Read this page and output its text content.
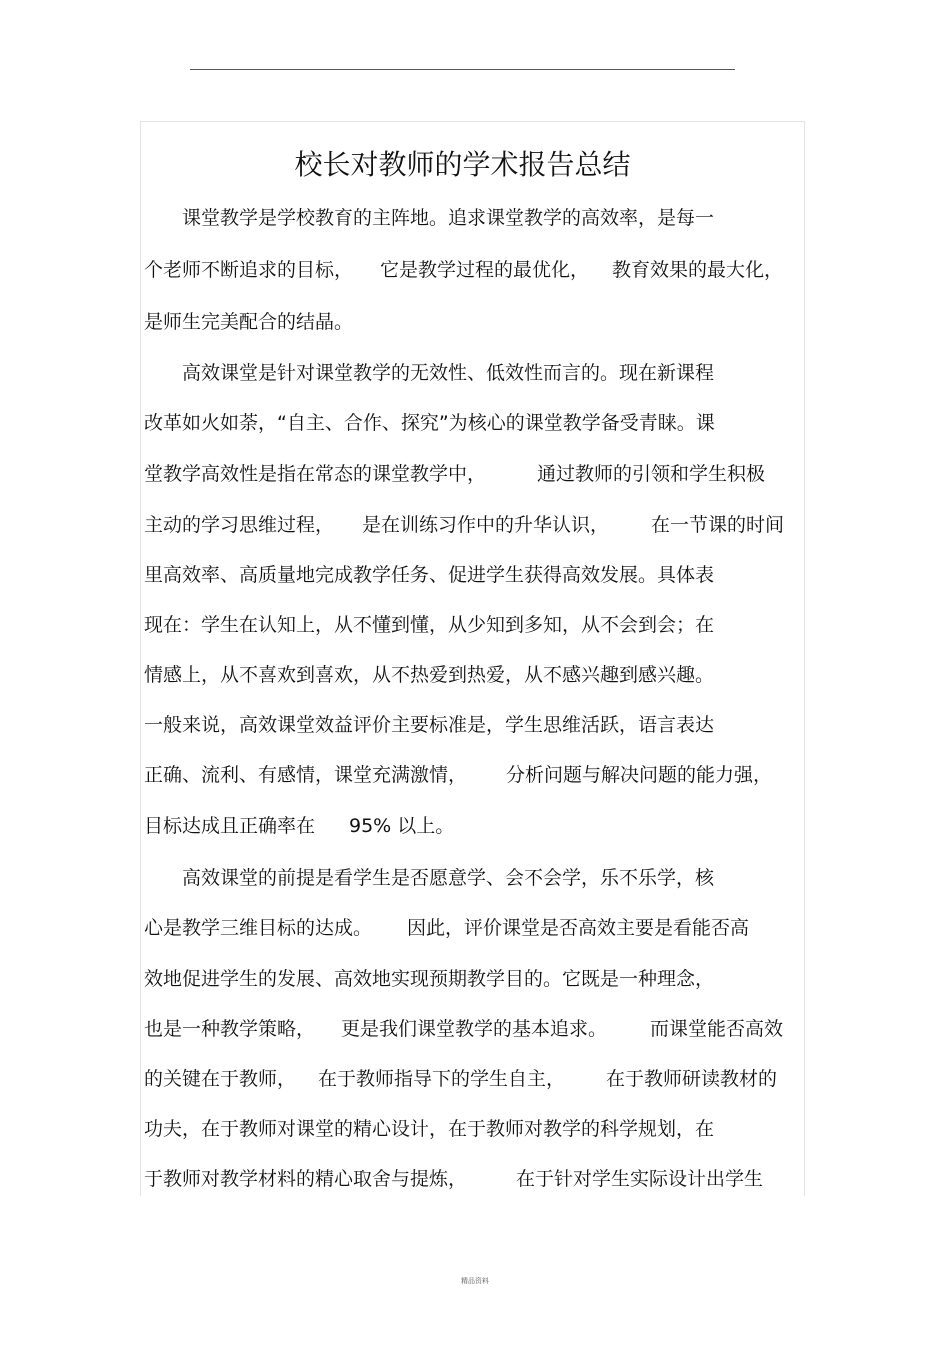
校长对教师的学术报告总结
课堂教学是学校教育的主阵地。追求课堂教学的高效率，是每一
个老师不断追求的目标， 它是教学过程的最优化， 教育效果的最大化，
是师生完美配合的结晶。
高效课堂是针对课堂教学的无效性、低效性而言的。现在新课程
改革如火如荼，“自主、合作、探究”为核心的课堂教学备受青睐。课
堂教学高效性是指在常态的课堂教学中，	通过教师的引领和学生积极
主动的学习思维过程， 是在训练习作中的升华认识， 在一节课的时间
里高效率、高质量地完成教学任务、促进学生获得高效发展。具体表
现在：学生在认知上，从不懂到懂，从少知到多知，从不会到会；在
情感上，从不喜欢到喜欢，从不热爱到热爱，从不感兴趣到感兴趣。
一般来说，高效课堂效益评价主要标准是，学生思维活跃，语言表达
正确、流利、有感情，课堂充满激情， 分析问题与解决问题的能力强，
目标达成且正确率在 95% 以上。
高效课堂的前提是看学生是否愿意学、会不会学，乐不乐学，核
心是教学三维目标的达成。 因此，评价课堂是否高效主要是看能否高
效地促进学生的发展、高效地实现预期教学目的。它既是一种理念，
也是一种教学策略， 更是我们课堂教学的基本追求。 而课堂能否高效
的关键在于教师， 在于教师指导下的学生自主， 在于教师研读教材的
功夫，在于教师对课堂的精心设计，在于教师对教学的科学规划，在
于教师对教学材料的精心取舍与提炼，	在于针对学生实际设计出学生
精品资料
